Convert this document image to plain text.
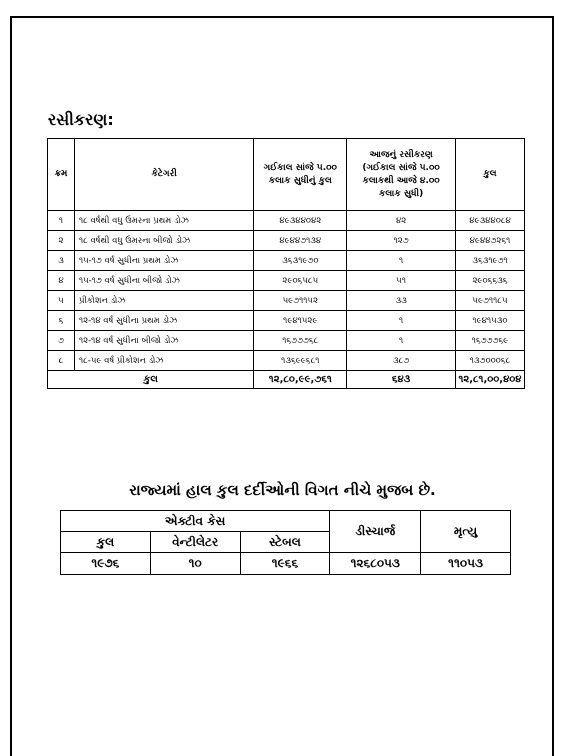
રસીકરણ:
ક્રમ	કેટેગરી	ગઈકાલ સાંજે ૫.૦૦ કલાક સુધીનું કુલ	આજનું રસીકરણ (ગઈકાલ સાંજે ૫.૦૦ કલાકથી આજે ૪.૦૦ કલાક સુધી)	કુલ
૧	૧૮ વર્ષથી વધુ ઉમરના પ્રથમ ડોઝ	૪૯૩૪૪૦૪૨	૪૨	૪૯૩૪૪૦૮૪
૨	૧૮ વર્ષથી વધુ ઉમરના બીજો ડોઝ	૪૯૪૪૭૧૩૪	૧૨૭	૪૯૪૪૭૨૬૧
૩	૧૫-૧૭ વર્ષ સુધીના પ્રથમ ડોઝ	૩૬૩૧૯૭૦	૧	૩૬૩૧૯૭૧
૪	૧૫-૧૭ વર્ષ સુધીના બીજો ડોઝ	૨૯૦૬૫૮૫	૫૧	૨૯૦૬૬૩૬
૫	પ્રીકોશન ડોઝ	૫૯૭૧૧૫૨	૩૩	૫૯૭૧૧૮૫
૬	૧૨-૧૪ વર્ષ સુધીના પ્રથમ ડોઝ	૧૯૪૧૫૨૯	૧	૧૯૪૧૫૩૦
૭	૧૨-૧૪ વર્ષ સુધીના બીજો ડોઝ	૧૬૭૭૭૬૮	૧	૧૬૭૭૭૬૯
૮	૧૮-૫૯ વર્ષ પ્રીકોશન ડોઝ	૧૩૬૯૯૬૮૧	૩૮૭	૧૩૭૦૦૦૬૮
કુલ		૧૨,૮૦,૯૯,૭૬૧	૬૪૩	૧૨,૮૧,૦૦,૪૦૪
રાજ્યમાં હાલ કુલ દર્દીઓની વિગત નીચે મુજબ છે.
એક્ટીવ કેસ			ડીસ્ચાર્જ	મૃત્યુ
કુલ	વેન્ટીલેટર	સ્ટેબલ		
૧૯૭૬	૧૦	૧૯૬૬	૧૨૬૮૦૫૩	૧૧૦૫૩
